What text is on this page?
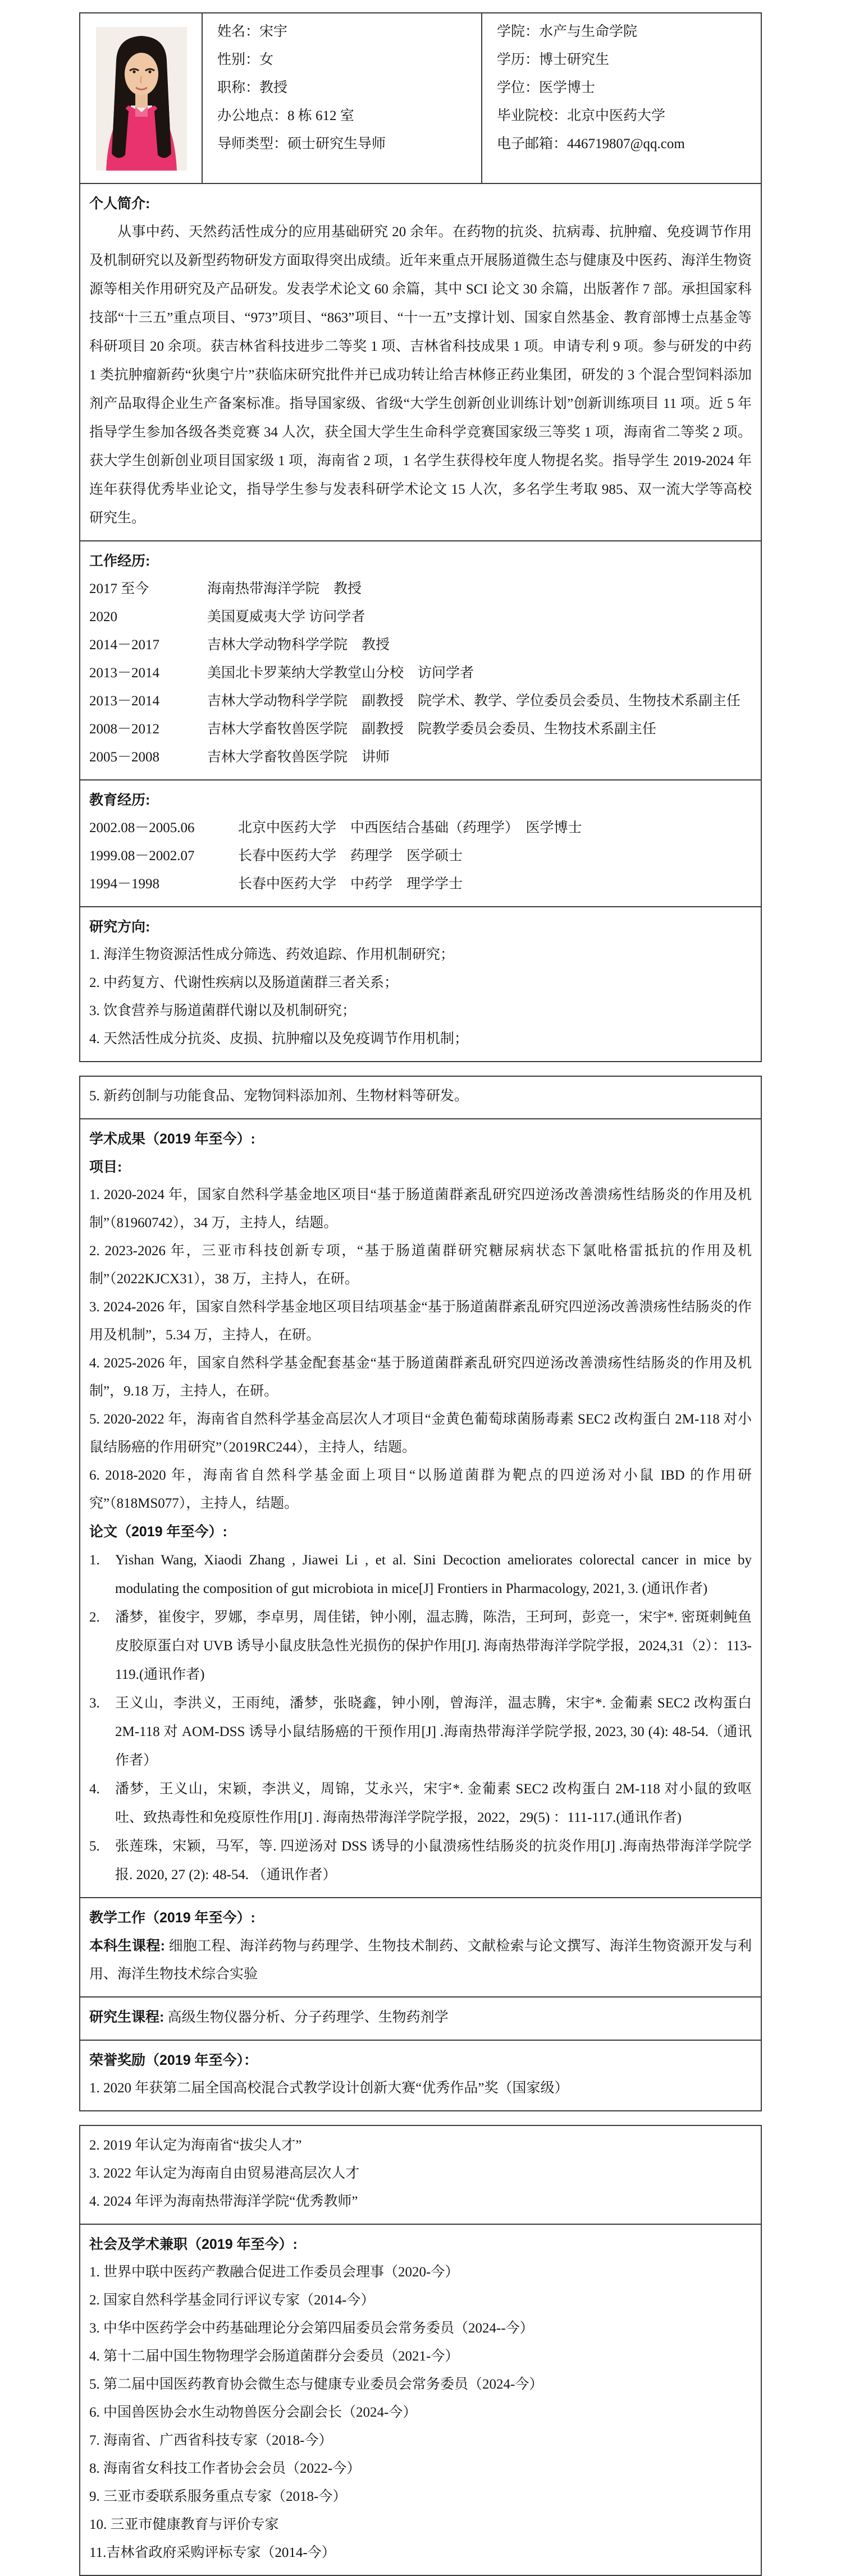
姓名：宋宇
性别：女
职称：教授
办公地点：8 栋 612 室
导师类型：硕士研究生导师
学院：水产与生命学院
学历：博士研究生
学位：医学博士
毕业院校：北京中医药大学
电子邮箱：446719807@qq.com
个人简介:

从事中药、天然药活性成分的应用基础研究 20 余年。在药物的抗炎、抗病毒、抗肿瘤、免疫调节作用及机制研究以及新型药物研发方面取得突出成绩。近年来重点开展肠道微生态与健康及中医药、海洋生物资源等相关作用研究及产品研发。发表学术论文 60 余篇，其中 SCI 论文 30 余篇，出版著作 7 部。承担国家科技部“十三五”重点项目、“973”项目、“863”项目、“十一五”支撑计划、国家自然基金、教育部博士点基金等科研项目 20 余项。获吉林省科技进步二等奖 1 项、吉林省科技成果 1 项。申请专利 9 项。参与研发的中药 1 类抗肿瘤新药“狄奥宁片”获临床研究批件并已成功转让给吉林修正药业集团，研发的 3 个混合型饲料添加剂产品取得企业生产备案标准。指导国家级、省级“大学生创新创业训练计划”创新训练项目 11 项。近 5 年指导学生参加各级各类竞赛 34 人次，获全国大学生生命科学竞赛国家级三等奖 1 项，海南省二等奖 2 项。获大学生创新创业项目国家级 1 项，海南省 2 项，1 名学生获得校年度人物提名奖。指导学生 2019-2024 年连年获得优秀毕业论文，指导学生参与发表科研学术论文 15 人次，多名学生考取 985、双一流大学等高校研究生。

工作经历:
2017 至今	海南热带海洋学院　教授
2020	美国夏威夷大学 访问学者
2014－2017	吉林大学动物科学学院　教授
2013－2014	美国北卡罗莱纳大学教堂山分校　访问学者
2013－2014	吉林大学动物科学学院　副教授　院学术、教学、学位委员会委员、生物技术系副主任
2008－2012	吉林大学畜牧兽医学院　副教授　院教学委员会委员、生物技术系副主任
2005－2008	吉林大学畜牧兽医学院　讲师
教育经历:
2002.08－2005.06	北京中医药大学　中西医结合基础（药理学）　医学博士
1999.08－2002.07	长春中医药大学　药理学　医学硕士
1994－1998	长春中医药大学　中药学　理学学士
研究方向:
1. 海洋生物资源活性成分筛选、药效追踪、作用机制研究；
2. 中药复方、代谢性疾病以及肠道菌群三者关系；
3. 饮食营养与肠道菌群代谢以及机制研究；
4. 天然活性成分抗炎、皮损、抗肿瘤以及免疫调节作用机制；
5. 新药创制与功能食品、宠物饲料添加剂、生物材料等研发。
学术成果（2019 年至今）:
项目:
1. 2020-2024 年，国家自然科学基金地区项目“基于肠道菌群紊乱研究四逆汤改善溃疡性结肠炎的作用及机制”（81960742），34 万，主持人，结题。
2. 2023-2026 年，三亚市科技创新专项，“基于肠道菌群研究糖尿病状态下氯吡格雷抵抗的作用及机制”（2022KJCX31），38 万，主持人，在研。
3. 2024-2026 年，国家自然科学基金地区项目结项基金“基于肠道菌群紊乱研究四逆汤改善溃疡性结肠炎的作用及机制”，5.34 万，主持人，在研。
4. 2025-2026 年，国家自然科学基金配套基金“基于肠道菌群紊乱研究四逆汤改善溃疡性结肠炎的作用及机制”，9.18 万，主持人，在研。
5. 2020-2022 年，海南省自然科学基金高层次人才项目“金黄色葡萄球菌肠毒素 SEC2 改构蛋白 2M-118 对小鼠结肠癌的作用研究”（2019RC244），主持人，结题。
6. 2018-2020 年，海南省自然科学基金面上项目“以肠道菌群为靶点的四逆汤对小鼠 IBD 的作用研究”（818MS077），主持人，结题。
论文（2019 年至今）:
1.	Yishan Wang, Xiaodi Zhang , Jiawei Li , et al. Sini Decoction ameliorates colorectal cancer in mice by modulating the composition of gut microbiota in mice[J] Frontiers in Pharmacology, 2021, 3. (通讯作者)
2.	潘梦，崔俊宇，罗娜，李卓男，周佳锘，钟小刚，温志腾，陈浩，王珂珂，彭竞一，宋宇*. 密斑刺鲀鱼皮胶原蛋白对 UVB 诱导小鼠皮肤急性光损伤的保护作用[J]. 海南热带海洋学院学报，2024,31（2）：113-119.(通讯作者)
3.	王义山，李洪义，王雨纯，潘梦，张晓鑫，钟小刚，曾海洋，温志腾，宋宇*. 金葡素 SEC2 改构蛋白 2M-118 对 AOM-DSS 诱导小鼠结肠癌的干预作用[J] .海南热带海洋学院学报, 2023, 30 (4): 48-54.（通讯作者）
4.	潘梦，王义山，宋颖，李洪义，周锦，艾永兴，宋宇*. 金葡素 SEC2 改构蛋白 2M-118 对小鼠的致呕吐、致热毒性和免疫原性作用[J] . 海南热带海洋学院学报，2022，29(5) ：111-117.(通讯作者)
5.	张莲珠，宋颖，马军，等. 四逆汤对 DSS 诱导的小鼠溃疡性结肠炎的抗炎作用[J] .海南热带海洋学院学报. 2020, 27 (2): 48-54. （通讯作者）
教学工作（2019 年至今）:
本科生课程: 细胞工程、海洋药物与药理学、生物技术制药、文献检索与论文撰写、海洋生物资源开发与利用、海洋生物技术综合实验
研究生课程: 高级生物仪器分析、分子药理学、生物药剂学
荣誉奖励（2019 年至今）：
1. 2020 年获第二届全国高校混合式教学设计创新大赛“优秀作品”奖（国家级）
2. 2019 年认定为海南省“拔尖人才”
3. 2022 年认定为海南自由贸易港高层次人才
4. 2024 年评为海南热带海洋学院“优秀教师”
社会及学术兼职（2019 年至今）:
1. 世界中联中医药产教融合促进工作委员会理事（2020-今）
2. 国家自然科学基金同行评议专家（2014-今）
3. 中华中医药学会中药基础理论分会第四届委员会常务委员（2024--今）
4. 第十二届中国生物物理学会肠道菌群分会委员（2021-今）
5. 第二届中国医药教育协会微生态与健康专业委员会常务委员（2024-今）
6. 中国兽医协会水生动物兽医分会副会长（2024-今）
7. 海南省、广西省科技专家（2018-今）
8. 海南省女科技工作者协会会员（2022-今）
9. 三亚市委联系服务重点专家（2018-今）
10. 三亚市健康教育与评价专家
11.吉林省政府采购评标专家（2014-今）
